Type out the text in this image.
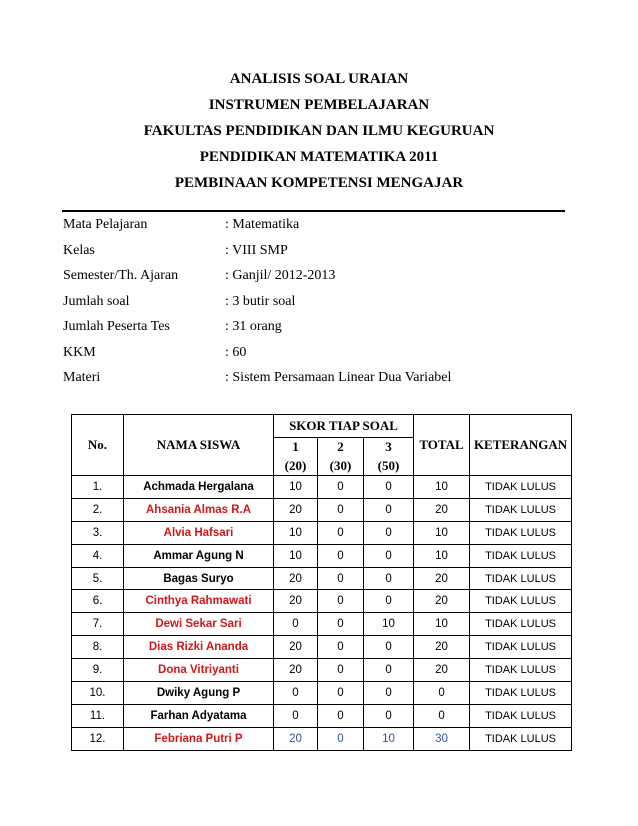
ANALISIS SOAL URAIAN
INSTRUMEN PEMBELAJARAN
FAKULTAS PENDIDIKAN DAN ILMU KEGURUAN
PENDIDIKAN MATEMATIKA 2011
PEMBINAAN KOMPETENSI MENGAJAR
Mata Pelajaran	: Matematika
Kelas	: VIII SMP
Semester/Th. Ajaran	: Ganjil/ 2012-2013
Jumlah soal	: 3 butir soal
Jumlah Peserta Tes	: 31 orang
KKM	: 60
Materi	: Sistem Persamaan Linear Dua Variabel
No.	NAMA SISWA	SKOR TIAP SOAL			TOTAL	KETERANGAN
		1	2	3		
		(20)	(30)	(50)		
1.	Achmada Hergalana	10	0	0	10	TIDAK LULUS
2.	Ahsania Almas R.A	20	0	0	20	TIDAK LULUS
3.	Alvia Hafsari	10	0	0	10	TIDAK LULUS
4.	Ammar Agung N	10	0	0	10	TIDAK LULUS
5.	Bagas Suryo	20	0	0	20	TIDAK LULUS
6.	Cinthya Rahmawati	20	0	0	20	TIDAK LULUS
7.	Dewi Sekar Sari	0	0	10	10	TIDAK LULUS
8.	Dias Rizki Ananda	20	0	0	20	TIDAK LULUS
9.	Dona Vitriyanti	20	0	0	20	TIDAK LULUS
10.	Dwiky Agung P	0	0	0	0	TIDAK LULUS
11.	Farhan Adyatama	0	0	0	0	TIDAK LULUS
12.	Febriana Putri P	20	0	10	30	TIDAK LULUS
